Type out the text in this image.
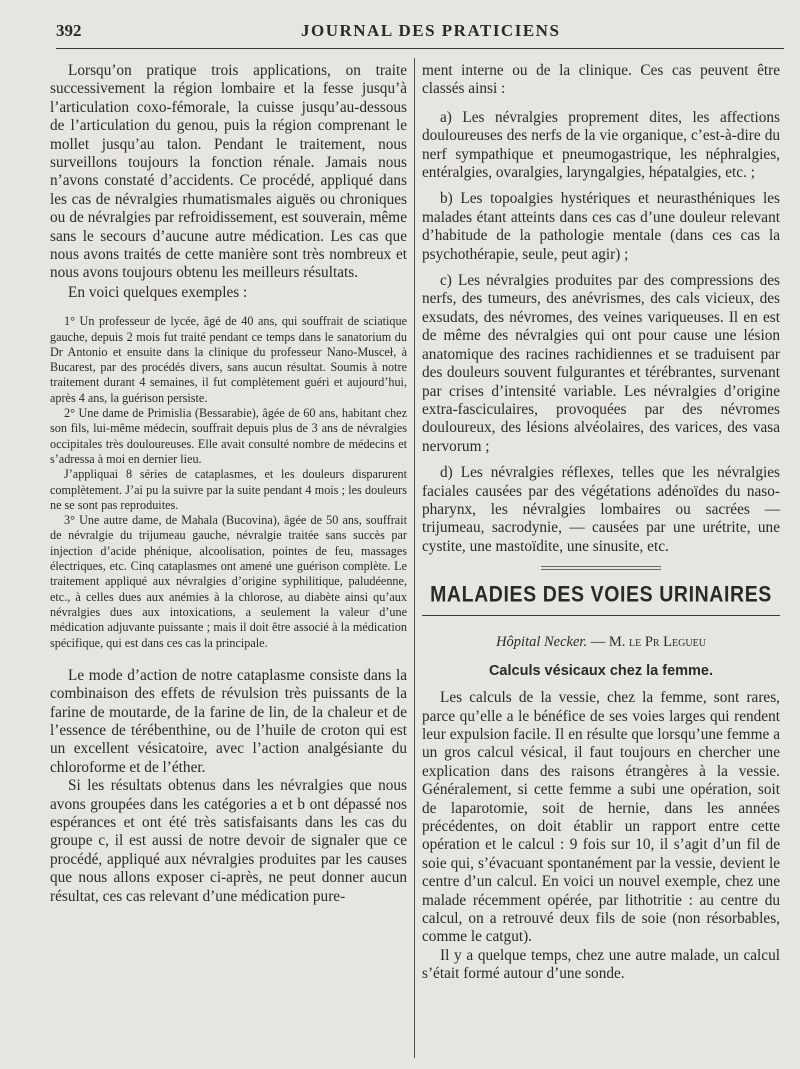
392	JOURNAL DES PRATICIENS

Lorsqu’on pratique trois applications, on traite successivement la région lombaire et la fesse jusqu’à l’articulation coxo-fémorale, la cuisse jusqu’au-dessous de l’articulation du genou, puis la région comprenant le mollet jusqu’au talon. Pendant le traitement, nous surveillons toujours la fonction rénale. Jamais nous n’avons constaté d’accidents. Ce procédé, appliqué dans les cas de névralgies rhumatismales aiguës ou chroniques ou de névralgies par refroidissement, est souverain, même sans le secours d’aucune autre médication. Les cas que nous avons traités de cette manière sont très nombreux et nous avons toujours obtenu les meilleurs résultats.

En voici quelques exemples :

1° Un professeur de lycée, âgé de 40 ans, qui souffrait de sciatique gauche, depuis 2 mois fut traité pendant ce temps dans le sanatorium du Dr Antonio et ensuite dans la clinique du professeur Nano-Musceł, à Bucarest, par des procédés divers, sans aucun résultat. Soumis à notre traitement durant 4 semaines, il fut complètement guéri et aujourd’hui, après 4 ans, la guérison persiste.

2° Une dame de Primislia (Bessarabie), âgée de 60 ans, habitant chez son fils, lui-même médecin, souffrait depuis plus de 3 ans de névralgies occipitales très douloureuses. Elle avait consulté nombre de médecins et s’adressa à moi en dernier lieu.

J’appliquai 8 séries de cataplasmes, et les douleurs disparurent complètement. J’ai pu la suivre par la suite pendant 4 mois ; les douleurs ne se sont pas reproduites.

3° Une autre dame, de Mahala (Bucovina), âgée de 50 ans, souffrait de névralgie du trijumeau gauche, névralgie traitée sans succès par injection d’acide phénique, alcoolisation, pointes de feu, massages électriques, etc. Cinq cataplasmes ont amené une guérison complète. Le traitement appliqué aux névralgies d’origine syphilitique, paludéenne, etc., à celles dues aux anémies à la chlorose, au diabète ainsi qu’aux névralgies dues aux intoxications, a seulement la valeur d’une médication adjuvante puissante ; mais il doit être associé à la médication spécifique, qui est dans ces cas la principale.

Le mode d’action de notre cataplasme consiste dans la combinaison des effets de révulsion très puissants de la farine de moutarde, de la farine de lin, de la chaleur et de l’essence de térébenthine, ou de l’huile de croton qui est un excellent vésicatoire, avec l’action analgésiante du chloroforme et de l’éther.

Si les résultats obtenus dans les névralgies que nous avons groupées dans les catégories a et b ont dépassé nos espérances et ont été très satisfaisants dans les cas du groupe c, il est aussi de notre devoir de signaler que ce procédé, appliqué aux névralgies produites par les causes que nous allons exposer ci-après, ne peut donner aucun résultat, ces cas relevant d’une médication pure-

ment interne ou de la clinique. Ces cas peuvent être classés ainsi :

a) Les névralgies proprement dites, les affections douloureuses des nerfs de la vie organique, c’est-à-dire du nerf sympathique et pneumogastrique, les néphralgies, entéralgies, ovaralgies, laryngalgies, hépatalgies, etc. ;

b) Les topoalgies hystériques et neurasthéniques les malades étant atteints dans ces cas d’une douleur relevant d’habitude de la pathologie mentale (dans ces cas la psychothérapie, seule, peut agir) ;

c) Les névralgies produites par des compressions des nerfs, des tumeurs, des anévrismes, des cals vicieux, des exsudats, des névromes, des veines variqueuses. Il en est de même des névralgies qui ont pour cause une lésion anatomique des racines rachidiennes et se traduisent par des douleurs souvent fulgurantes et térébrantes, survenant par crises d’intensité variable. Les névralgies d’origine extra-fasciculaires, provoquées par des névromes douloureux, des lésions alvéolaires, des varices, des vasa nervorum ;

d) Les névralgies réflexes, telles que les névralgies faciales causées par des végétations adénoïdes du naso-pharynx, les névralgies lombaires ou sacrées — trijumeau, sacrodynie, — causées par une urétrite, une cystite, une mastoïdite, une sinusite, etc.

MALADIES DES VOIES URINAIRES
Hôpital Necker. — M. le Pr Legueu
Calculs vésicaux chez la femme.

Les calculs de la vessie, chez la femme, sont rares, parce qu’elle a le bénéfice de ses voies larges qui rendent leur expulsion facile. Il en résulte que lorsqu’une femme a un gros calcul vésical, il faut toujours en chercher une explication dans des raisons étrangères à la vessie. Généralement, si cette femme a subi une opération, soit de laparotomie, soit de hernie, dans les années précédentes, on doit établir un rapport entre cette opération et le calcul : 9 fois sur 10, il s’agit d’un fil de soie qui, s’évacuant spontanément par la vessie, devient le centre d’un calcul. En voici un nouvel exemple, chez une malade récemment opérée, par lithotritie : au centre du calcul, on a retrouvé deux fils de soie (non résorbables, comme le catgut).

Il y a quelque temps, chez une autre malade, un calcul s’était formé autour d’une sonde.
